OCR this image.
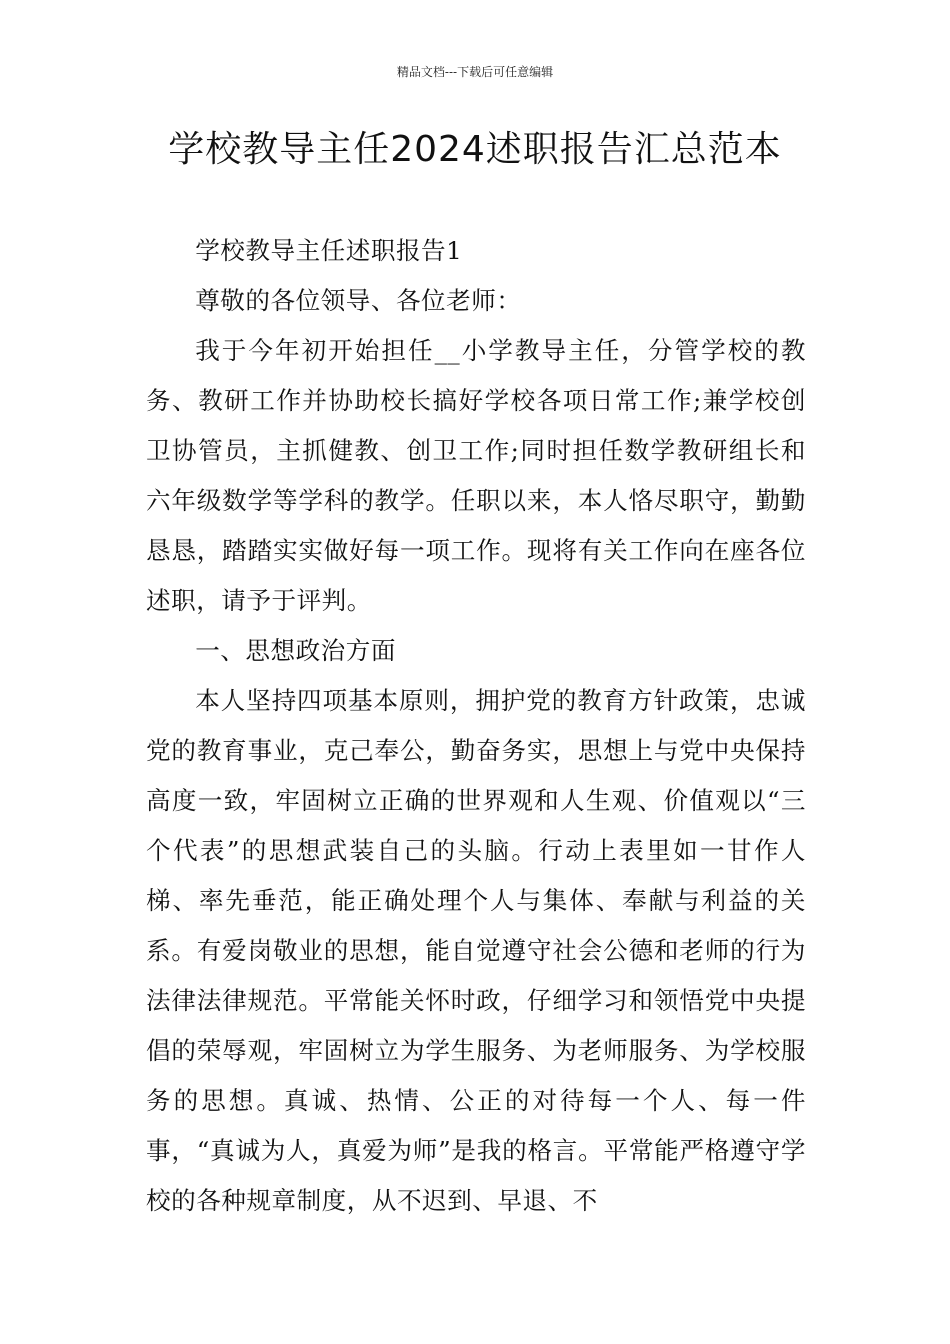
精品文档---下载后可任意编辑
学校教导主任2024述职报告汇总范本

学校教导主任述职报告1

尊敬的各位领导、各位老师：

我于今年初开始担任__小学教导主任，分管学校的教务、教研工作并协助校长搞好学校各项日常工作;兼学校创卫协管员，主抓健教、创卫工作;同时担任数学教研组长和六年级数学等学科的教学。任职以来，本人恪尽职守，勤勤恳恳，踏踏实实做好每一项工作。现将有关工作向在座各位述职，请予于评判。

一、思想政治方面

本人坚持四项基本原则，拥护党的教育方针政策，忠诚党的教育事业，克己奉公，勤奋务实，思想上与党中央保持高度一致，牢固树立正确的世界观和人生观、价值观以“三个代表”的思想武装自己的头脑。行动上表里如一甘作人梯、率先垂范，能正确处理个人与集体、奉献与利益的关系。有爱岗敬业的思想，能自觉遵守社会公德和老师的行为法律法律规范。平常能关怀时政，仔细学习和领悟党中央提倡的荣辱观，牢固树立为学生服务、为老师服务、为学校服务的思想。真诚、热情、公正的对待每一个人、每一件事，“真诚为人，真爱为师”是我的格言。平常能严格遵守学校的各种规章制度，从不迟到、早退、不
